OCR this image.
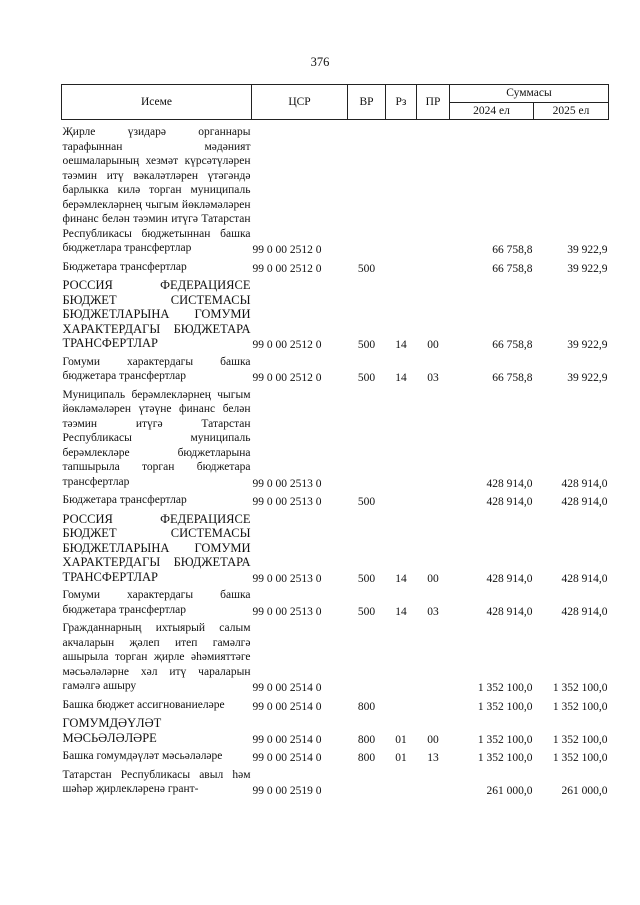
376
Исеме	ЦСР	ВР	Рз	ПР	Суммасы	
					2024 ел	2025 ел

Җирле үзидарә органнары тарафыннан мәдәният оешмаларының хезмәт күрсәтүләрен тәэмин итү вәкаләтләрен үтәгәндә барлыкка килә торган муниципаль берәмлекләрнең чыгым йөкләмәләрен финанс белән тәэмин итүгә Татарстан Республикасы бюджетыннан башка бюджетлара трансфертлар	99 0 00 2512 0				66 758,8	39 922,9
Бюджетара трансфертлар	99 0 00 2512 0	500			66 758,8	39 922,9
РОССИЯ ФЕДЕРАЦИЯСЕ БЮДЖЕТ СИСТЕМАСЫ БЮДЖЕТЛАРЫНА ГОМУМИ ХАРАКТЕРДАГЫ БЮДЖЕТАРА ТРАНСФЕРТЛАР	99 0 00 2512 0	500	14	00	66 758,8	39 922,9
Гомуми характердагы башка бюджетара трансфертлар	99 0 00 2512 0	500	14	03	66 758,8	39 922,9
Муниципаль берәмлекләрнең чыгым йөкләмәләрен үтәүне финанс белән тәэмин итүгә Татарстан Республикасы муниципаль берәмлекләре бюджетларына тапшырыла торган бюджетара трансфертлар	99 0 00 2513 0				428 914,0	428 914,0
Бюджетара трансфертлар	99 0 00 2513 0	500			428 914,0	428 914,0
РОССИЯ ФЕДЕРАЦИЯСЕ БЮДЖЕТ СИСТЕМАСЫ БЮДЖЕТЛАРЫНА ГОМУМИ ХАРАКТЕРДАГЫ БЮДЖЕТАРА ТРАНСФЕРТЛАР	99 0 00 2513 0	500	14	00	428 914,0	428 914,0
Гомуми характердагы башка бюджетара трансфертлар	99 0 00 2513 0	500	14	03	428 914,0	428 914,0
Гражданнарның ихтыярый салым акчаларын җәлеп итеп гамәлгә ашырыла торган җирле әһәмияттәге мәсьәләләрне хәл итү чараларын гамәлгә ашыру	99 0 00 2514 0				1 352 100,0	1 352 100,0
Башка бюджет ассигнованиеләре	99 0 00 2514 0	800			1 352 100,0	1 352 100,0
ГОМУМДӘҮЛӘТ МӘСЬӘЛӘЛӘРЕ	99 0 00 2514 0	800	01	00	1 352 100,0	1 352 100,0
Башка гомумдәүләт мәсьәләләре	99 0 00 2514 0	800	01	13	1 352 100,0	1 352 100,0
Татарстан Республикасы авыл һәм шәһәр җирлекләренә грант-	99 0 00 2519 0				261 000,0	261 000,0
